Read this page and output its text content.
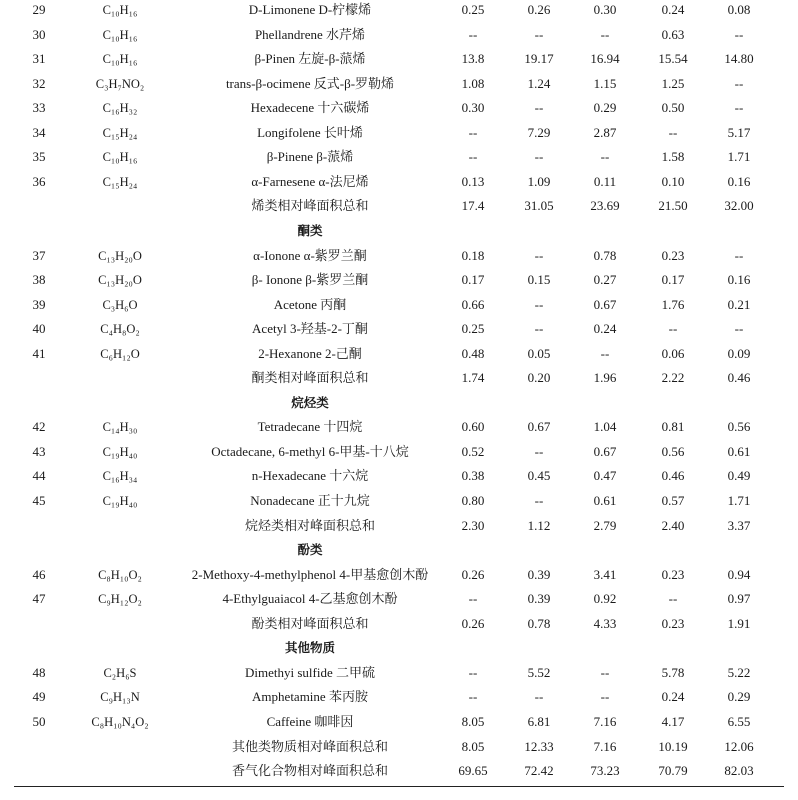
29	C₁₀H₁₆	D-Limonene D-柠檬烯	0.25	0.26	0.30	0.24	0.08
30	C₁₀H₁₆	Phellandrene 水芹烯	--	--	--	0.63	--
31	C₁₀H₁₆	β-Pinen 左旋-β-蒎烯	13.8	19.17	16.94	15.54	14.80
32	C₃H₇NO₂	trans-β-ocimene 反式-β-罗勒烯	1.08	1.24	1.15	1.25	--
33	C₁₆H₃₂	Hexadecene 十六碳烯	0.30	--	0.29	0.50	--
34	C₁₅H₂₄	Longifolene 长叶烯	--	7.29	2.87	--	5.17
35	C₁₀H₁₆	β-Pinene β-蒎烯	--	--	--	1.58	1.71
36	C₁₅H₂₄	α-Farnesene α-法尼烯	0.13	1.09	0.11	0.10	0.16
烯类相对峰面积总和	17.4	31.05	23.69	21.50	32.00
酮类
37	C₁₃H₂₀O	α-Ionone α-紫罗兰酮	0.18	--	0.78	0.23	--
38	C₁₃H₂₀O	β- Ionone β-紫罗兰酮	0.17	0.15	0.27	0.17	0.16
39	C₃H₆O	Acetone 丙酮	0.66	--	0.67	1.76	0.21
40	C₄H₈O₂	Acetyl 3-羟基-2-丁酮	0.25	--	0.24	--	--
41	C₆H₁₂O	2-Hexanone 2-己酮	0.48	0.05	--	0.06	0.09
酮类相对峰面积总和	1.74	0.20	1.96	2.22	0.46
烷烃类
42	C₁₄H₃₀	Tetradecane 十四烷	0.60	0.67	1.04	0.81	0.56
43	C₁₉H₄₀	Octadecane, 6-methyl 6-甲基-十八烷	0.52	--	0.67	0.56	0.61
44	C₁₆H₃₄	n-Hexadecane 十六烷	0.38	0.45	0.47	0.46	0.49
45	C₁₉H₄₀	Nonadecane 正十九烷	0.80	--	0.61	0.57	1.71
烷烃类相对峰面积总和	2.30	1.12	2.79	2.40	3.37
酚类
46	C₈H₁₀O₂	2-Methoxy-4-methylphenol 4-甲基愈创木酚	0.26	0.39	3.41	0.23	0.94
47	C₉H₁₂O₂	4-Ethylguaiacol 4-乙基愈创木酚	--	0.39	0.92	--	0.97
酚类相对峰面积总和	0.26	0.78	4.33	0.23	1.91
其他物质
48	C₂H₆S	Dimethyi sulfide 二甲硫	--	5.52	--	5.78	5.22
49	C₉H₁₃N	Amphetamine 苯丙胺	--	--	--	0.24	0.29
50	C₈H₁₀N₄O₂	Caffeine 咖啡因	8.05	6.81	7.16	4.17	6.55
其他类物质相对峰面积总和	8.05	12.33	7.16	10.19	12.06
香气化合物相对峰面积总和	69.65	72.42	73.23	70.79	82.03
